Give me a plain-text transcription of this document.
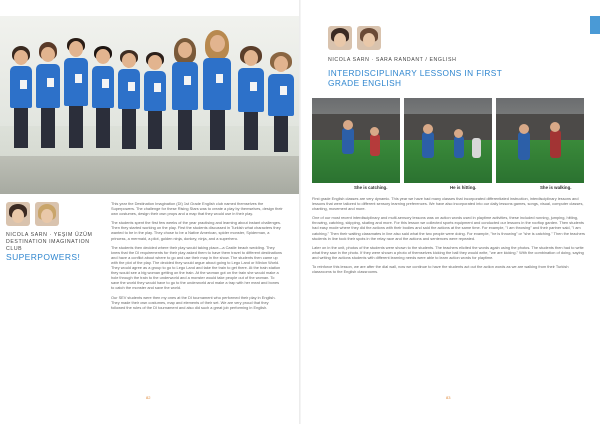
NICOLA SARN · YEŞIM ÜZÜM
DESTINATION IMAGINATION CLUB
SUPERPOWERS!

This year the Destination Imagination (DI) 1st Grade English club named themselves the Superpowers. The challenge for these Rising Stars was to create a play by themselves, design their own costumes, design their own props and a map that they would use in their play.

The students spent the first few weeks of the year practising and learning about instant challenges. Then they started working on the play. First the students discussed in Turkish what characters they wanted to be in the play. They chose to be a Native American, spider monster, Spiderman, a princess, a mermaid, a pilot, golden ninja, donkey, ninja, and a superhero.

The students then decided where their play would taking place—a Castle beach wedding. They knew that the DI requirements for their play asked them to have them travel to different destinations and have a conflict about where to go and use their map in the show. The students then came up with the plot of the play. The decided they would argue about going to Lego Land or Minion World. They would agree as a group to go to Lego Land and take the train to get there. At the train station they would see a big woman getting on the train. At the woman got on the train she would make a hole through the train to the underworld and a monster would take people out of the woman. To save the world they would have to go to the underworld and make a trap with her meat and bones to catch the monster and save the world.

Our SEV students were then my ones at the DI tournament who performed their play in English. They made their own costumes, map and elements of their set. We are very proud that they followed the rules of the DI tournament and also did such a great job performing in English.

82
NICOLA SARN · SARA RANDANT / ENGLISH
INTERDISCIPLINARY LESSONS IN FIRST GRADE ENGLISH
She is catching.	He is hitting.	She is walking.

First grade English classes are very dynamic. This year we have had many classes that incorporated differentiated instruction, interdisciplinary lessons and lessons that were tailored to different sensory learning preferences. We have also incorporated into our daily lessons games, songs, visual, computer classes, chanting, movement and more.

One of our most recent interdisciplinary and multi-sensory lessons was on action words used in playtime activities, these included running, jumping, hitting, throwing, catching, skipping, skating and more. For this lesson we collected sports equipment and conducted our lessons in the rooftop garden. Then students had easy mode where they did the actions with their bodies and said the actions at the same time. For example, "I am throwing" and their partner said, "I am catching." Then their waiting classmates in line also said what the two people were doing. For example, "he is throwing" or "she is catching." Then the teachers students in line took their spots in the relay race and the actions and sentences were repeated.

Later on in the unit, photos of the students were shown to the students. The teachers elicited the words again using the photos. The students then had to write what they saw in the photo. If they were shown a photo of themselves kicking the ball they would write, "we are kicking." With the combination of doing, saying and writing the actions students with different learning needs were able to learn action words for playtime.

To reinforce this lesson, we are after the dial wall, now we continue to have the students act out the action words as we are walking from their Turkish classrooms to the English classrooms.

83
